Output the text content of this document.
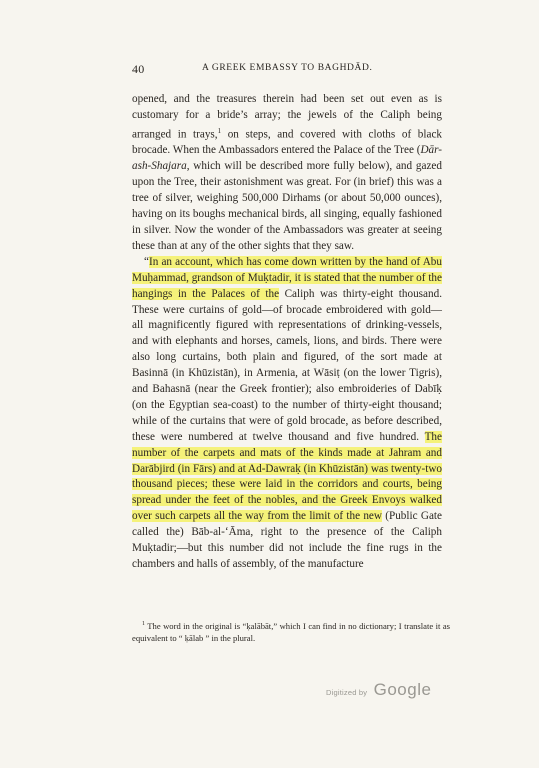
40	A GREEK EMBASSY TO BAGHDĀD.

opened, and the treasures therein had been set out even as is customary for a bride’s array; the jewels of the Caliph being arranged in trays,$^1$ on steps, and covered with cloths of black brocade. When the Ambassadors entered the Palace of the Tree (Dār-ash-Shajara, which will be described more fully below), and gazed upon the Tree, their astonishment was great. For (in brief) this was a tree of silver, weighing 500,000 Dirhams (or about 50,000 ounces), having on its boughs mechanical birds, all singing, equally fashioned in silver. Now the wonder of the Ambassadors was greater at seeing these than at any of the other sights that they saw.

“In an account, which has come down written by the hand of Abu Muḥammad, grandson of Muḳtadir, it is stated that the number of the hangings in the Palaces of the Caliph was thirty-eight thousand. These were curtains of gold—of brocade embroidered with gold—all magnificently figured with representations of drinking-vessels, and with elephants and horses, camels, lions, and birds. There were also long curtains, both plain and figured, of the sort made at Basinnā (in Khūzistān), in Armenia, at Wāsiṭ (on the lower Tigris), and Bahasnā (near the Greek frontier); also embroideries of Dabīḳ (on the Egyptian sea-coast) to the number of thirty-eight thousand; while of the curtains that were of gold brocade, as before described, these were numbered at twelve thousand and five hundred. The number of the carpets and mats of the kinds made at Jahram and Darābjird (in Fārs) and at Ad-Dawraḳ (in Khūzistān) was twenty-two thousand pieces; these were laid in the corridors and courts, being spread under the feet of the nobles, and the Greek Envoys walked over such carpets all the way from the limit of the new (Public Gate called the) Bāb-al-‘Āma, right to the presence of the Caliph Muḳtadir;—but this number did not include the fine rugs in the chambers and halls of assembly, of the manufacture

$^1$ The word in the original is “ḳalābāt,” which I can find in no dictionary; I translate it as equivalent to “ ḳālab ” in the plural.

Digitized by Google
